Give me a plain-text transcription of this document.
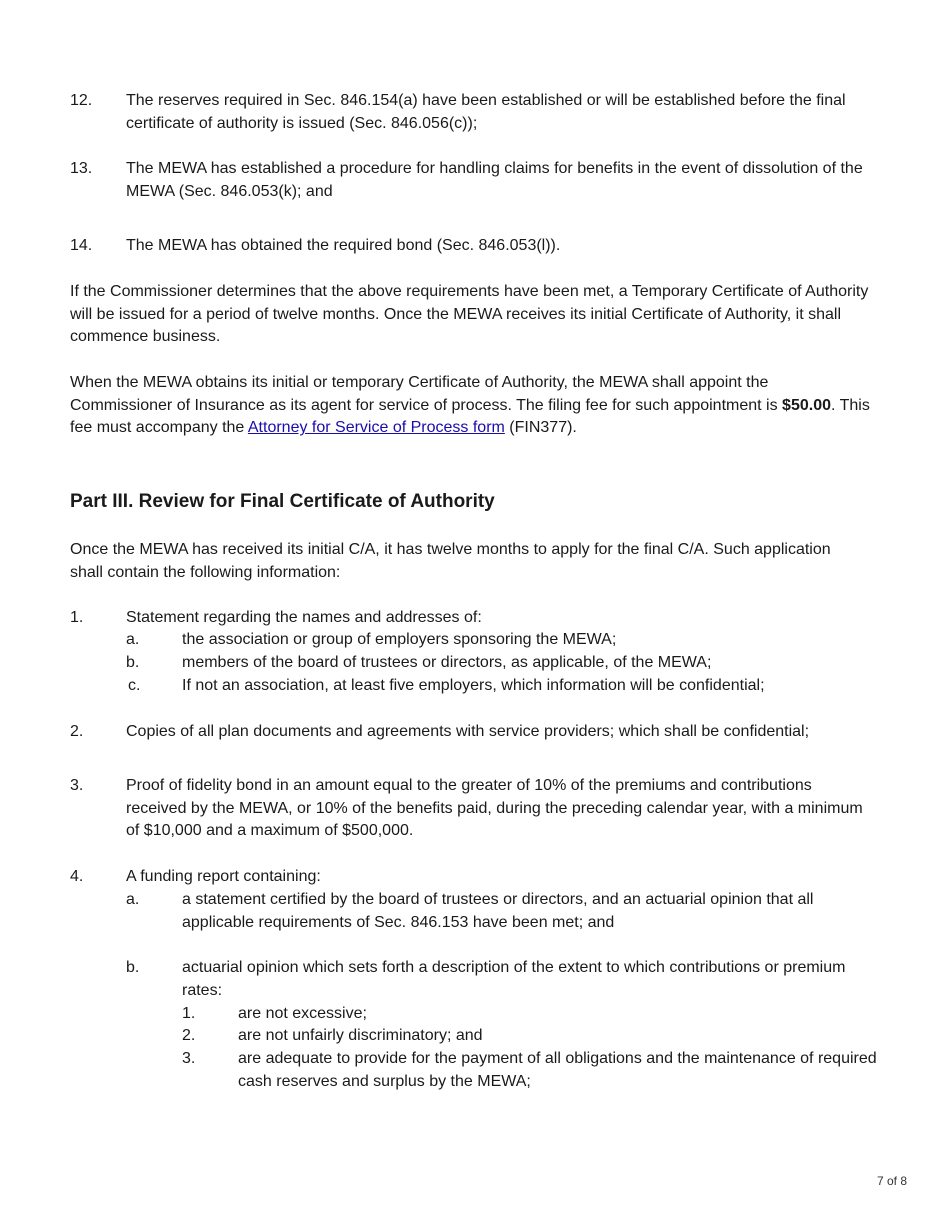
12. The reserves required in Sec. 846.154(a) have been established or will be established before the final certificate of authority is issued (Sec. 846.056(c));
13. The MEWA has established a procedure for handling claims for benefits in the event of dissolution of the MEWA (Sec. 846.053(k); and
14. The MEWA has obtained the required bond (Sec. 846.053(l)).

If the Commissioner determines that the above requirements have been met, a Temporary Certificate of Authority will be issued for a period of twelve months. Once the MEWA receives its initial Certificate of Authority, it shall commence business.

When the MEWA obtains its initial or temporary Certificate of Authority, the MEWA shall appoint the Commissioner of Insurance as its agent for service of process. The filing fee for such appointment is $50.00. This fee must accompany the Attorney for Service of Process form (FIN377).

Part III. Review for Final Certificate of Authority

Once the MEWA has received its initial C/A, it has twelve months to apply for the final C/A. Such application shall contain the following information:

1.	Statement regarding the names and addresses of:
a.	the association or group of employers sponsoring the MEWA;
b.	members of the board of trustees or directors, as applicable, of the MEWA;
c.	If not an association, at least five employers, which information will be confidential;
2.	Copies of all plan documents and agreements with service providers; which shall be confidential;
3.	Proof of fidelity bond in an amount equal to the greater of 10% of the premiums and contributions received by the MEWA, or 10% of the benefits paid, during the preceding calendar year, with a minimum of $10,000 and a maximum of $500,000.
4.	A funding report containing:
a.	a statement certified by the board of trustees or directors, and an actuarial opinion that all applicable requirements of Sec. 846.153 have been met; and
b.	actuarial opinion which sets forth a description of the extent to which contributions or premium rates:
1.	are not excessive;
2.	are not unfairly discriminatory; and
3.	are adequate to provide for the payment of all obligations and the maintenance of required cash reserves and surplus by the MEWA;
7 of 8
